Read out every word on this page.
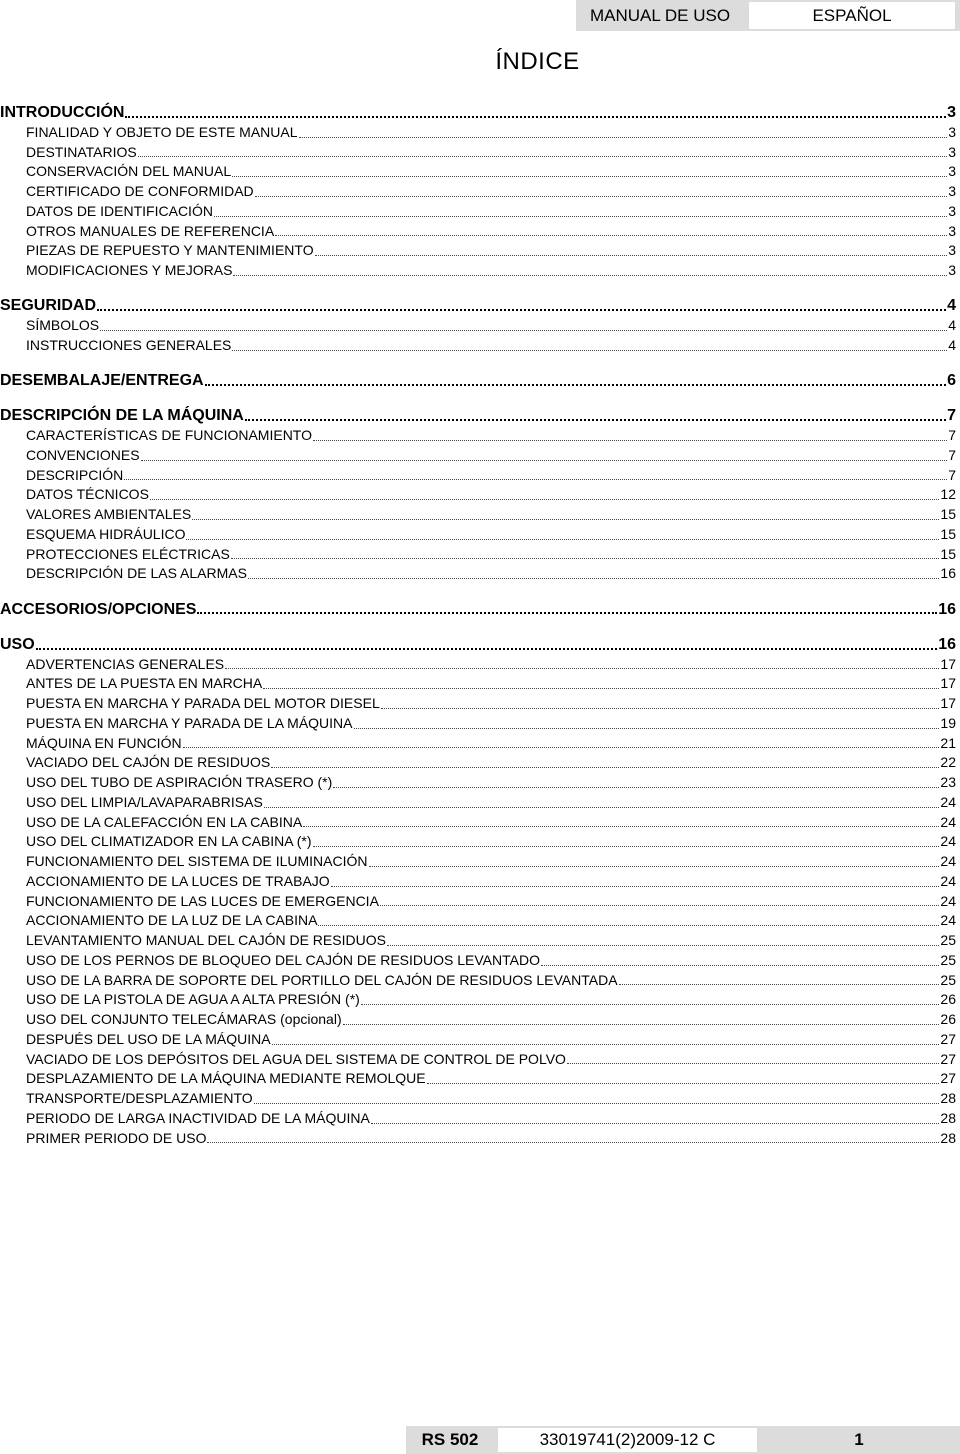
MANUAL DE USO	ESPAÑOL
ÍNDICE
INTRODUCCIÓN	3
FINALIDAD Y OBJETO DE ESTE MANUAL	3
DESTINATARIOS	3
CONSERVACIÓN DEL MANUAL	3
CERTIFICADO DE CONFORMIDAD	3
DATOS DE IDENTIFICACIÓN	3
OTROS MANUALES DE REFERENCIA	3
PIEZAS DE REPUESTO Y MANTENIMIENTO	3
MODIFICACIONES Y MEJORAS	3
SEGURIDAD	4
SÍMBOLOS	4
INSTRUCCIONES GENERALES	4
DESEMBALAJE/ENTREGA	6
DESCRIPCIÓN DE LA MÁQUINA	7
CARACTERÍSTICAS DE FUNCIONAMIENTO	7
CONVENCIONES	7
DESCRIPCIÓN	7
DATOS TÉCNICOS	12
VALORES AMBIENTALES	15
ESQUEMA HIDRÁULICO	15
PROTECCIONES ELÉCTRICAS	15
DESCRIPCIÓN DE LAS ALARMAS	16
ACCESORIOS/OPCIONES	16
USO	16
ADVERTENCIAS GENERALES	17
ANTES DE LA PUESTA EN MARCHA	17
PUESTA EN MARCHA Y PARADA DEL MOTOR DIESEL	17
PUESTA EN MARCHA Y PARADA DE LA MÁQUINA	19
MÁQUINA EN FUNCIÓN	21
VACIADO DEL CAJÓN DE RESIDUOS	22
USO DEL TUBO DE ASPIRACIÓN TRASERO (*)	23
USO DEL LIMPIA/LAVAPARABRISAS	24
USO DE LA CALEFACCIÓN EN LA CABINA	24
USO DEL CLIMATIZADOR EN LA CABINA (*)	24
FUNCIONAMIENTO DEL SISTEMA DE ILUMINACIÓN	24
ACCIONAMIENTO DE LA LUCES DE TRABAJO	24
FUNCIONAMIENTO DE LAS LUCES DE EMERGENCIA	24
ACCIONAMIENTO DE LA LUZ DE LA CABINA	24
LEVANTAMIENTO MANUAL DEL CAJÓN DE RESIDUOS	25
USO DE LOS PERNOS DE BLOQUEO DEL CAJÓN DE RESIDUOS LEVANTADO	25
USO DE LA BARRA DE SOPORTE DEL PORTILLO DEL CAJÓN DE RESIDUOS LEVANTADA	25
USO DE LA PISTOLA DE AGUA A ALTA PRESIÓN (*)	26
USO DEL CONJUNTO TELECÁMARAS (opcional)	26
DESPUÉS DEL USO DE LA MÁQUINA	27
VACIADO DE LOS DEPÓSITOS DEL AGUA DEL SISTEMA DE CONTROL DE POLVO	27
DESPLAZAMIENTO DE LA MÁQUINA MEDIANTE REMOLQUE	27
TRANSPORTE/DESPLAZAMIENTO	28
PERIODO DE LARGA INACTIVIDAD DE LA MÁQUINA	28
PRIMER PERIODO DE USO	28
RS 502	33019741(2)2009-12 C	1
